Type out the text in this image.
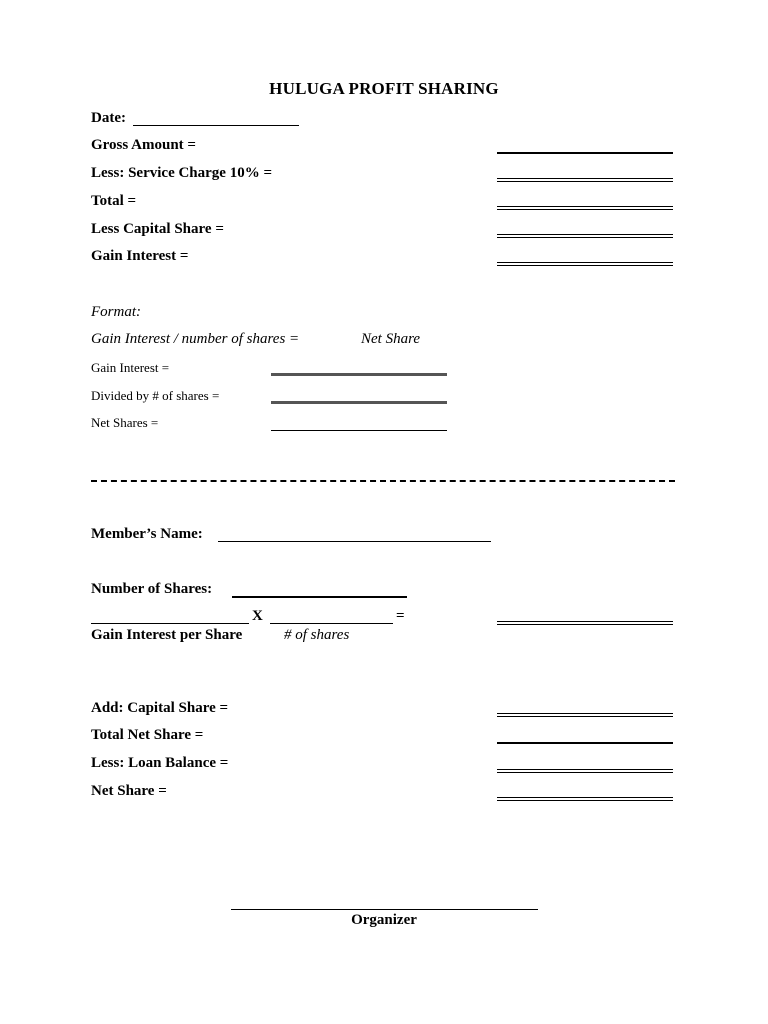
HULUGA PROFIT SHARING
Date:
Gross Amount =
Less: Service Charge 10% =
Total =
Less Capital Share =
Gain Interest =
Format:
Gain Interest / number of shares =	Net Share
Gain Interest =
Divided by # of shares =
Net Shares =
Member’s Name:
Number of Shares:
X	=
Gain Interest per Share	# of shares
Add: Capital Share =
Total Net Share =
Less: Loan Balance =
Net Share =
Organizer
